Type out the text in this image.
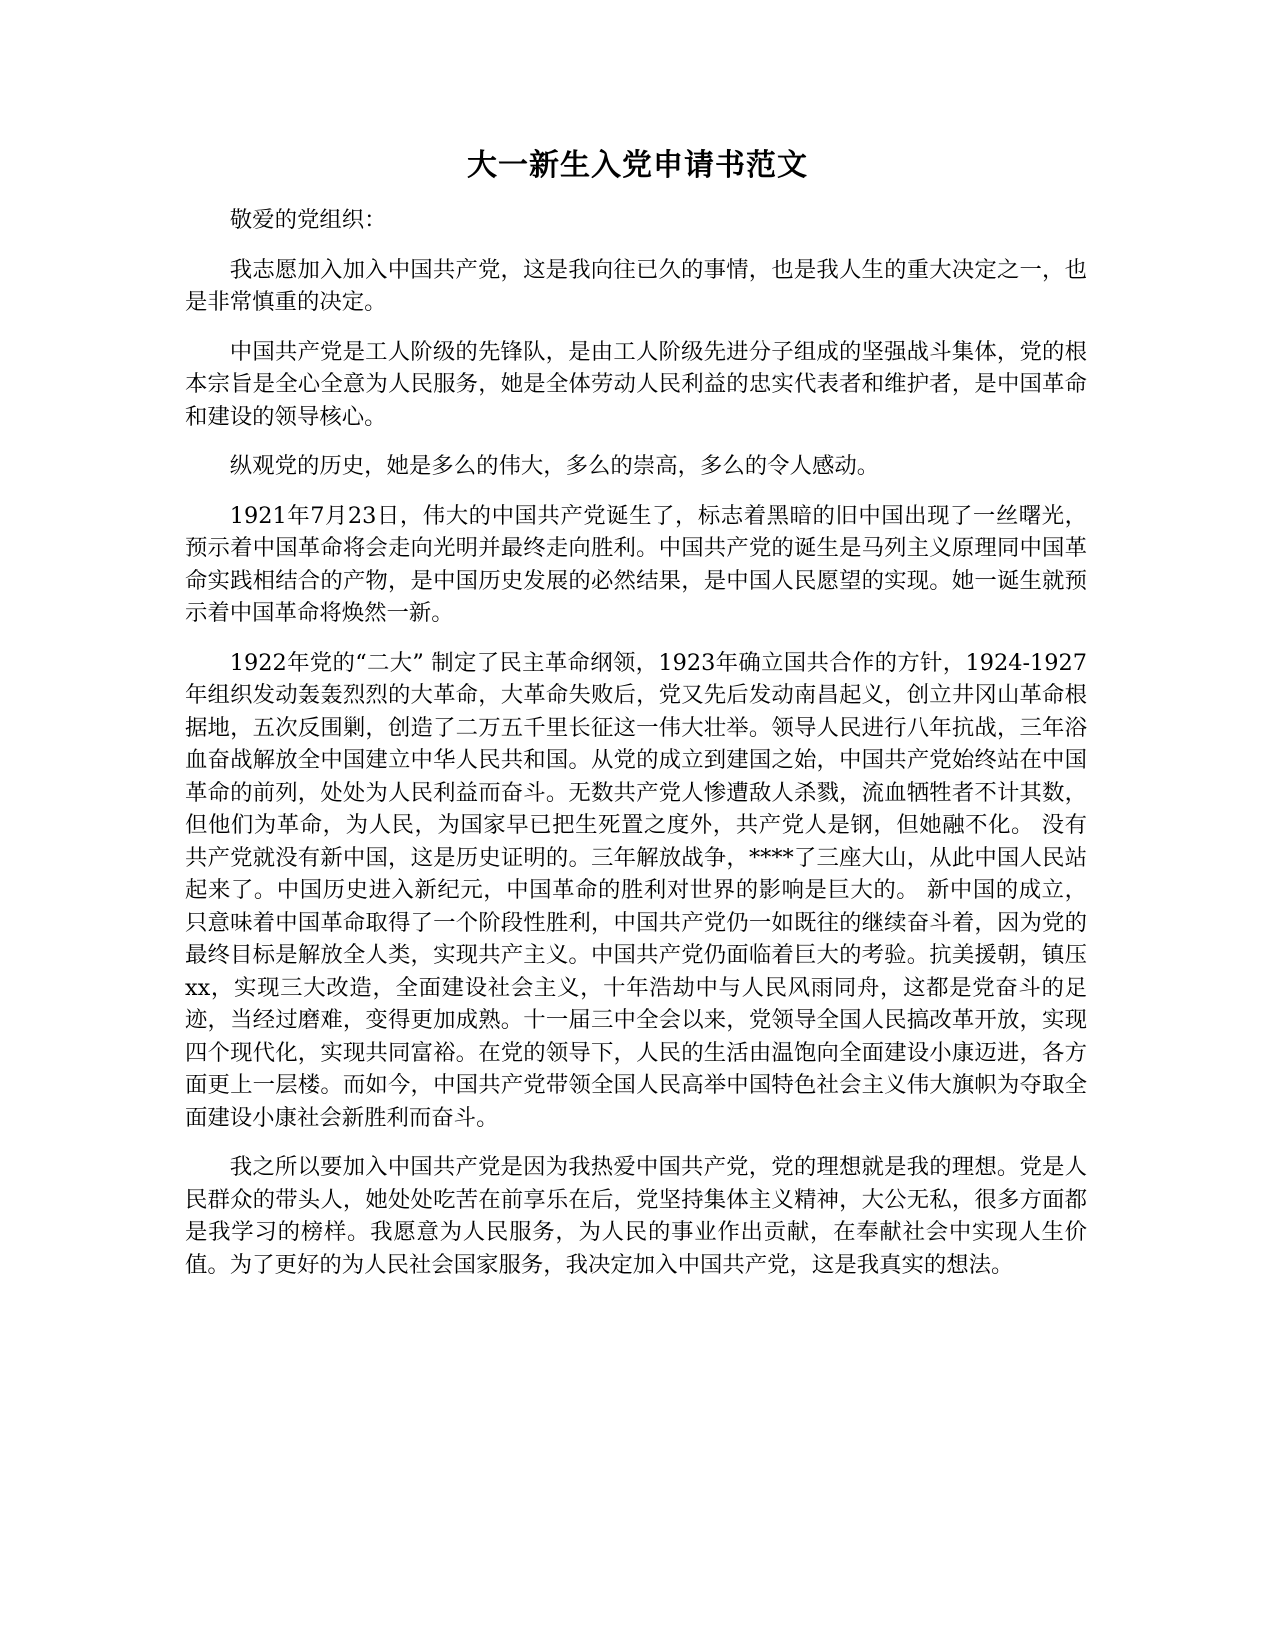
大一新生入党申请书范文

敬爱的党组织：

我志愿加入加入中国共产党，这是我向往已久的事情，也是我人生的重大决定之一，也是非常慎重的决定。

中国共产党是工人阶级的先锋队，是由工人阶级先进分子组成的坚强战斗集体，党的根本宗旨是全心全意为人民服务，她是全体劳动人民利益的忠实代表者和维护者，是中国革命和建设的领导核心。

纵观党的历史，她是多么的伟大，多么的崇高，多么的令人感动。

1921年7月23日，伟大的中国共产党诞生了，标志着黑暗的旧中国出现了一丝曙光，预示着中国革命将会走向光明并最终走向胜利。中国共产党的诞生是马列主义原理同中国革命实践相结合的产物，是中国历史发展的必然结果，是中国人民愿望的实现。她一诞生就预示着中国革命将焕然一新。

1922年党的“二大” 制定了民主革命纲领，1923年确立国共合作的方针，1924-1927年组织发动轰轰烈烈的大革命，大革命失败后，党又先后发动南昌起义，创立井冈山革命根据地，五次反围剿，创造了二万五千里长征这一伟大壮举。领导人民进行八年抗战，三年浴血奋战解放全中国建立中华人民共和国。从党的成立到建国之始，中国共产党始终站在中国革命的前列，处处为人民利益而奋斗。无数共产党人惨遭敌人杀戮，流血牺牲者不计其数，但他们为革命，为人民，为国家早已把生死置之度外，共产党人是钢，但她融不化。 没有共产党就没有新中国，这是历史证明的。三年解放战争，****了三座大山，从此中国人民站起来了。中国历史进入新纪元，中国革命的胜利对世界的影响是巨大的。 新中国的成立，只意味着中国革命取得了一个阶段性胜利，中国共产党仍一如既往的继续奋斗着，因为党的最终目标是解放全人类，实现共产主义。中国共产党仍面临着巨大的考验。抗美援朝，镇压xx，实现三大改造，全面建设社会主义，十年浩劫中与人民风雨同舟，这都是党奋斗的足迹，当经过磨难，变得更加成熟。十一届三中全会以来，党领导全国人民搞改革开放，实现四个现代化，实现共同富裕。在党的领导下，人民的生活由温饱向全面建设小康迈进，各方面更上一层楼。而如今，中国共产党带领全国人民高举中国特色社会主义伟大旗帜为夺取全面建设小康社会新胜利而奋斗。

我之所以要加入中国共产党是因为我热爱中国共产党，党的理想就是我的理想。党是人民群众的带头人，她处处吃苦在前享乐在后，党坚持集体主义精神，大公无私，很多方面都是我学习的榜样。我愿意为人民服务，为人民的事业作出贡献，在奉献社会中实现人生价值。为了更好的为人民社会国家服务，我决定加入中国共产党，这是我真实的想法。
